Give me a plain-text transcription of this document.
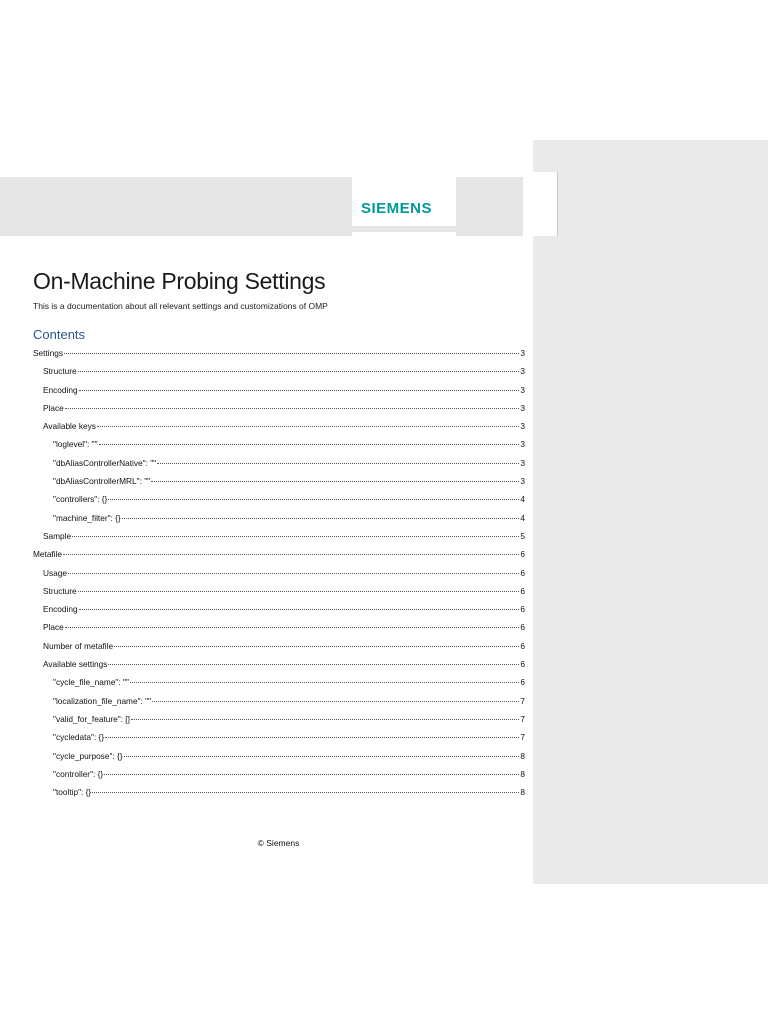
SIEMENS
On-Machine Probing Settings

This is a documentation about all relevant settings and customizations of OMP

Contents
Settings	3
Structure	3
Encoding	3
Place	3
Available keys	3
"loglevel": ""	3
"dbAliasControllerNative": ""	3
"dbAliasControllerMRL": ""	3
"controllers": {}	4
"machine_filter": {}	4
Sample	5
Metafile	6
Usage	6
Structure	6
Encoding	6
Place	6
Number of metafile	6
Available settings	6
"cycle_file_name": ""	6
"localization_file_name": ""	7
"valid_for_feature": []	7
"cycledata": {}	7
"cycle_purpose": {}	8
"controller": {}	8
"tooltip": {}	8
© Siemens
